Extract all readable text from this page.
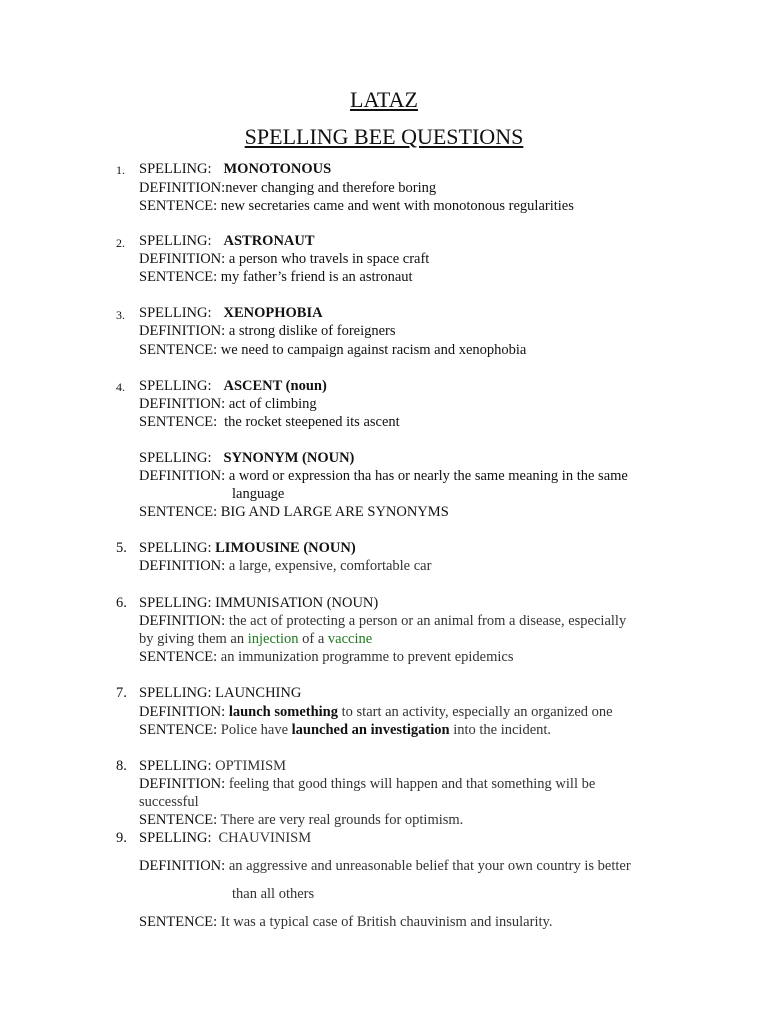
LATAZ
SPELLING BEE QUESTIONS
1. SPELLING: MONOTONOUS
DEFINITION:never changing and therefore boring
SENTENCE: new secretaries came and went with monotonous regularities
2. SPELLING: ASTRONAUT
DEFINITION: a person who travels in space craft
SENTENCE: my father’s friend is an astronaut
3. SPELLING: XENOPHOBIA
DEFINITION: a strong dislike of foreigners
SENTENCE: we need to campaign against racism and xenophobia
4. SPELLING: ASCENT (noun)
DEFINITION: act of climbing
SENTENCE: the rocket steepened its ascent
SPELLING: SYNONYM (NOUN)
DEFINITION: a word or expression tha has or nearly the same meaning in the same
language
SENTENCE: BIG AND LARGE ARE SYNONYMS
5. SPELLING: LIMOUSINE (NOUN)
DEFINITION: a large, expensive, comfortable car
6. SPELLING: IMMUNISATION (NOUN)
DEFINITION: the act of protecting a person or an animal from a disease, especially
by giving them an injection of a vaccine
SENTENCE: an immunization programme to prevent epidemics
7. SPELLING: LAUNCHING
DEFINITION: launch something to start an activity, especially an organized one
SENTENCE: Police have launched an investigation into the incident.
8. SPELLING: OPTIMISM
DEFINITION: feeling that good things will happen and that something will be
successful
SENTENCE: There are very real grounds for optimism.
9. SPELLING: CHAUVINISM
DEFINITION: an aggressive and unreasonable belief that your own country is better
than all others
SENTENCE: It was a typical case of British chauvinism and insularity.
